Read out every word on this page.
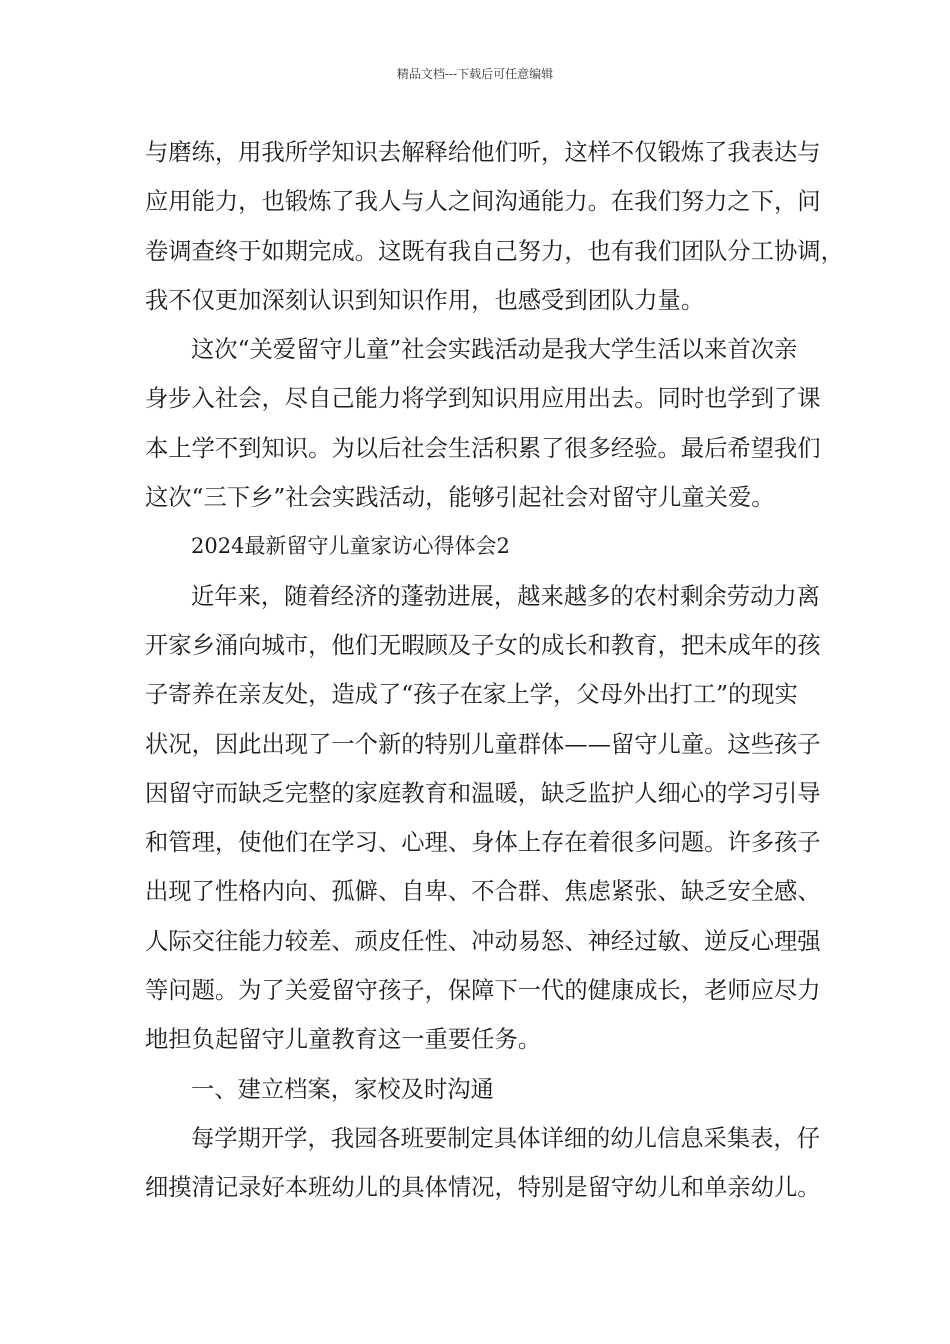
精品文档---下载后可任意编辑
与磨练，用我所学知识去解释给他们听，这样不仅锻炼了我表达与
应用能力，也锻炼了我人与人之间沟通能力。在我们努力之下，问
卷调查终于如期完成。这既有我自己努力，也有我们团队分工协调，
我不仅更加深刻认识到知识作用，也感受到团队力量。
这次“关爱留守儿童”社会实践活动是我大学生活以来首次亲
身步入社会，尽自己能力将学到知识用应用出去。同时也学到了课
本上学不到知识。为以后社会生活积累了很多经验。最后希望我们
这次“三下乡”社会实践活动，能够引起社会对留守儿童关爱。
2024最新留守儿童家访心得体会2
近年来，随着经济的蓬勃进展，越来越多的农村剩余劳动力离
开家乡涌向城市，他们无暇顾及子女的成长和教育，把未成年的孩
子寄养在亲友处，造成了“孩子在家上学，父母外出打工”的现实
状况，因此出现了一个新的特别儿童群体——留守儿童。这些孩子
因留守而缺乏完整的家庭教育和温暖，缺乏监护人细心的学习引导
和管理，使他们在学习、心理、身体上存在着很多问题。许多孩子
出现了性格内向、孤僻、自卑、不合群、焦虑紧张、缺乏安全感、
人际交往能力较差、顽皮任性、冲动易怒、神经过敏、逆反心理强
等问题。为了关爱留守孩子，保障下一代的健康成长，老师应尽力
地担负起留守儿童教育这一重要任务。
一、建立档案，家校及时沟通
每学期开学，我园各班要制定具体详细的幼儿信息采集表，仔
细摸清记录好本班幼儿的具体情况，特别是留守幼儿和单亲幼儿。
